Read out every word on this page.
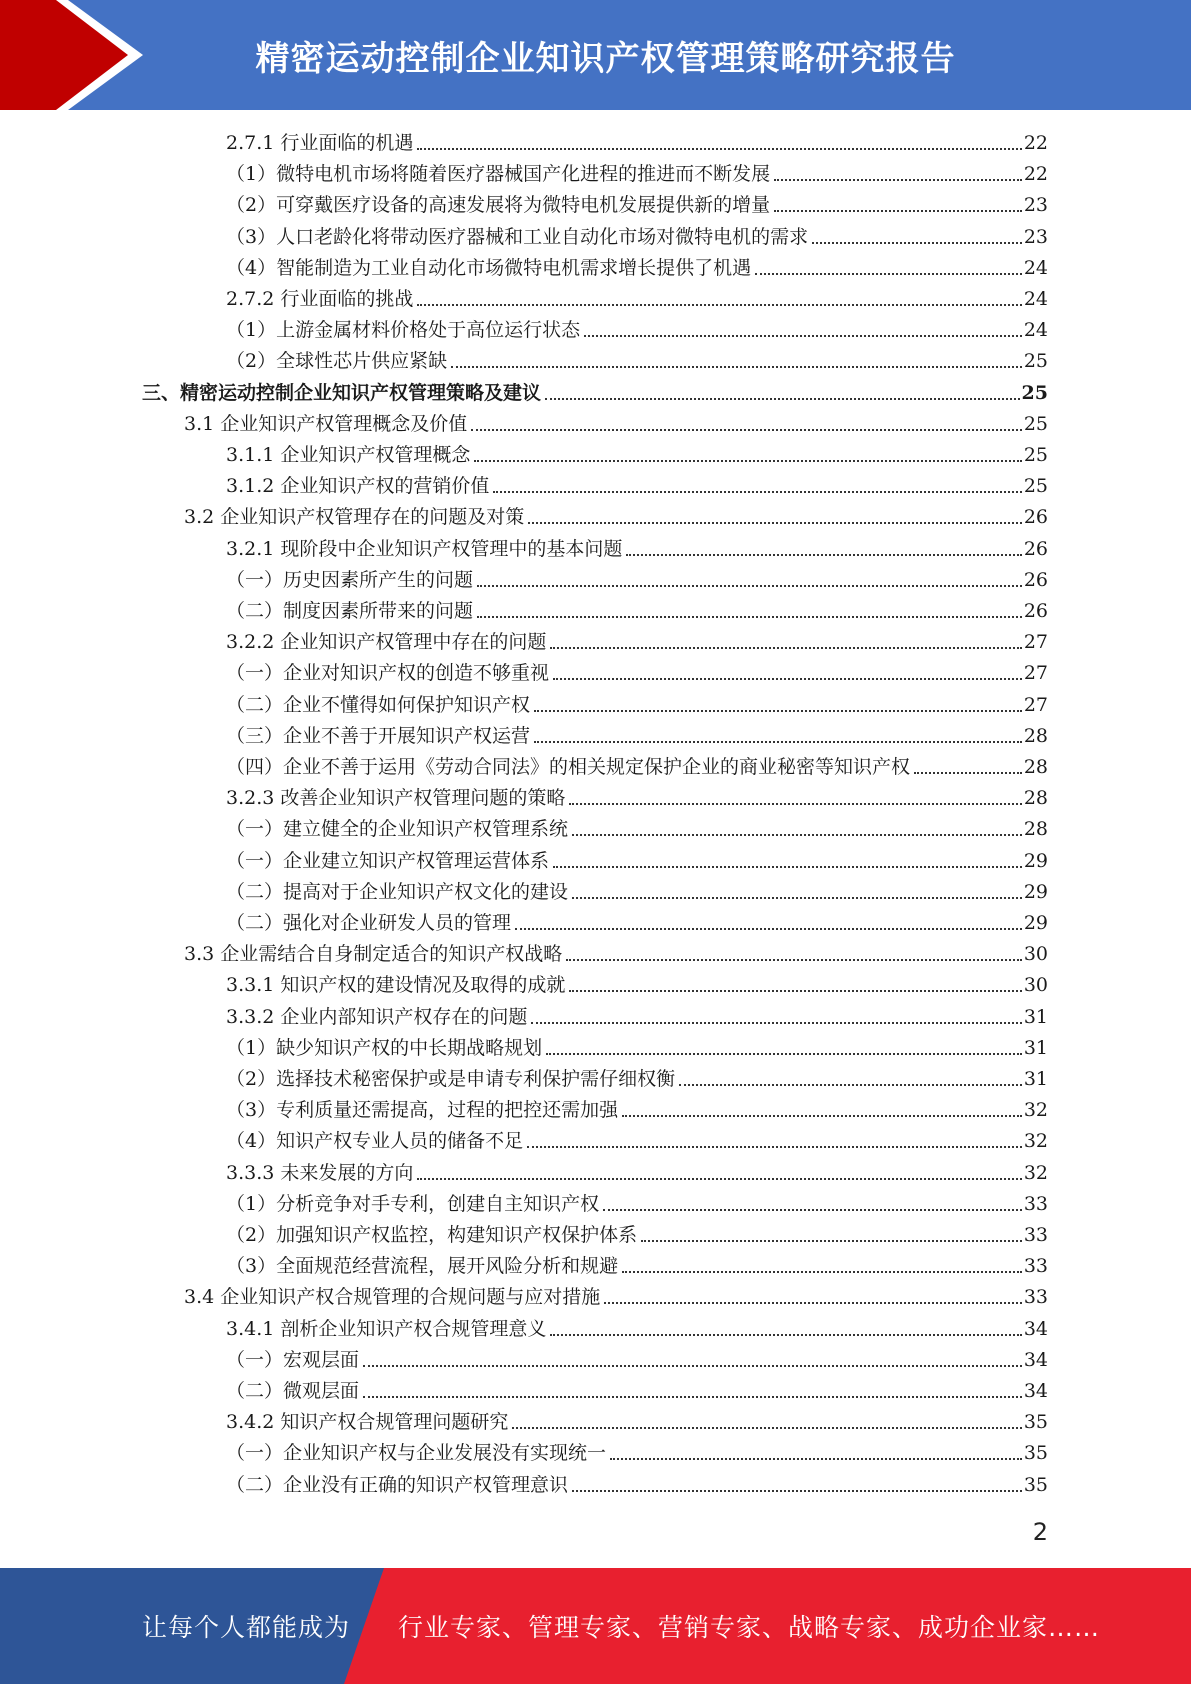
精密运动控制企业知识产权管理策略研究报告
2.7.1 行业面临的机遇	22
（1） 微特电机市场将随着医疗器械国产化进程的推进而不断发展	22
（2） 可穿戴医疗设备的高速发展将为微特电机发展提供新的增量	23
（3） 人口老龄化将带动医疗器械和工业自动化市场对微特电机的需求	23
（4） 智能制造为工业自动化市场微特电机需求增长提供了机遇	24
2.7.2 行业面临的挑战	24
（1） 上游金属材料价格处于高位运行状态	24
（2） 全球性芯片供应紧缺	25
三、 精密运动控制企业知识产权管理策略及建议	25
3.1 企业知识产权管理概念及价值	25
3.1.1 企业知识产权管理概念	25
3.1.2 企业知识产权的营销价值	25
3.2 企业知识产权管理存在的问题及对策	26
3.2.1 现阶段中企业知识产权管理中的基本问题	26
（一） 历史因素所产生的问题	26
（二） 制度因素所带来的问题	26
3.2.2 企业知识产权管理中存在的问题	27
（一） 企业对知识产权的创造不够重视	27
（二） 企业不懂得如何保护知识产权	27
（三） 企业不善于开展知识产权运营	28
（四） 企业不善于运用《劳动合同法》的相关规定保护企业的商业秘密等知识产权	28
3.2.3 改善企业知识产权管理问题的策略	28
（一） 建立健全的企业知识产权管理系统	28
（一） 企业建立知识产权管理运营体系	29
（二） 提高对于企业知识产权文化的建设	29
（二） 强化对企业研发人员的管理	29
3.3 企业需结合自身制定适合的知识产权战略	30
3.3.1 知识产权的建设情况及取得的成就	30
3.3.2 企业内部知识产权存在的问题	31
（1） 缺少知识产权的中长期战略规划	31
（2） 选择技术秘密保护或是申请专利保护需仔细权衡	31
（3） 专利质量还需提高，过程的把控还需加强	32
（4） 知识产权专业人员的储备不足	32
3.3.3 未来发展的方向	32
（1） 分析竞争对手专利，创建自主知识产权	33
（2） 加强知识产权监控，构建知识产权保护体系	33
（3） 全面规范经营流程，展开风险分析和规避	33
3.4 企业知识产权合规管理的合规问题与应对措施	33
3.4.1 剖析企业知识产权合规管理意义	34
（一） 宏观层面	34
（二） 微观层面	34
3.4.2 知识产权合规管理问题研究	35
（一） 企业知识产权与企业发展没有实现统一	35
（二） 企业没有正确的知识产权管理意识	35
2
让每个人都能成为 行业专家、管理专家、营销专家、战略专家、成功企业家……
